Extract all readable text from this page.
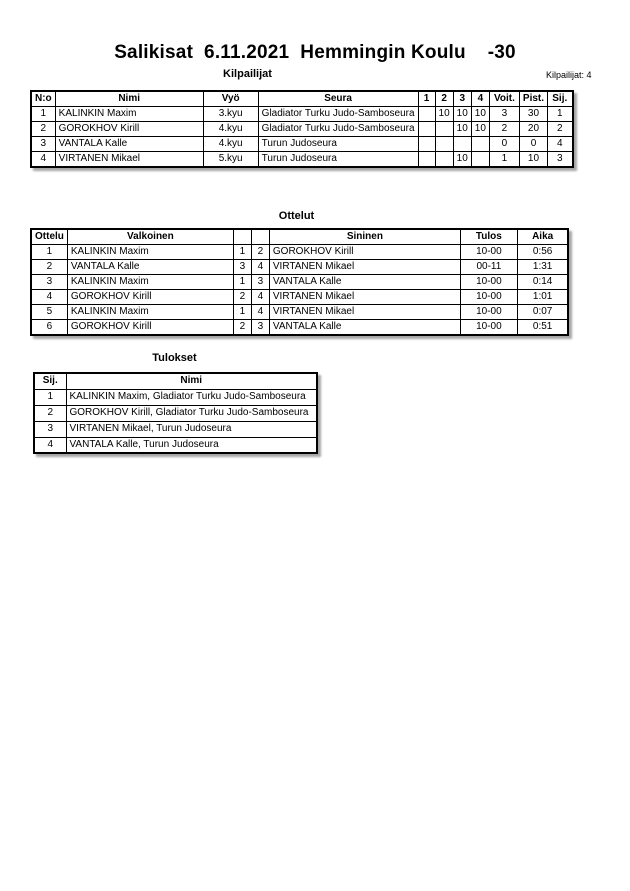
Salikisat  6.11.2021  Hemmingin Koulu    -30
Kilpailijat	Kilpailijat: 4
N:o	Nimi	Vyö	Seura	1	2	3	4	Voit.	Pist.	Sij.
1	KALINKIN Maxim	3.kyu	Gladiator Turku Judo-Samboseura		10	10	10	3	30	1
2	GOROKHOV Kirill	4.kyu	Gladiator Turku Judo-Samboseura			10	10	2	20	2
3	VANTALA Kalle	4.kyu	Turun Judoseura					0	0	4
4	VIRTANEN Mikael	5.kyu	Turun Judoseura			10		1	10	3
Ottelut
Ottelu	Valkoinen			Sininen	Tulos	Aika
1	KALINKIN Maxim	1	2	GOROKHOV Kirill	10-00	0:56
2	VANTALA Kalle	3	4	VIRTANEN Mikael	00-11	1:31
3	KALINKIN Maxim	1	3	VANTALA Kalle	10-00	0:14
4	GOROKHOV Kirill	2	4	VIRTANEN Mikael	10-00	1:01
5	KALINKIN Maxim	1	4	VIRTANEN Mikael	10-00	0:07
6	GOROKHOV Kirill	2	3	VANTALA Kalle	10-00	0:51
Tulokset
Sij.	Nimi
1	KALINKIN Maxim, Gladiator Turku Judo-Samboseura
2	GOROKHOV Kirill, Gladiator Turku Judo-Samboseura
3	VIRTANEN Mikael, Turun Judoseura
4	VANTALA Kalle, Turun Judoseura
